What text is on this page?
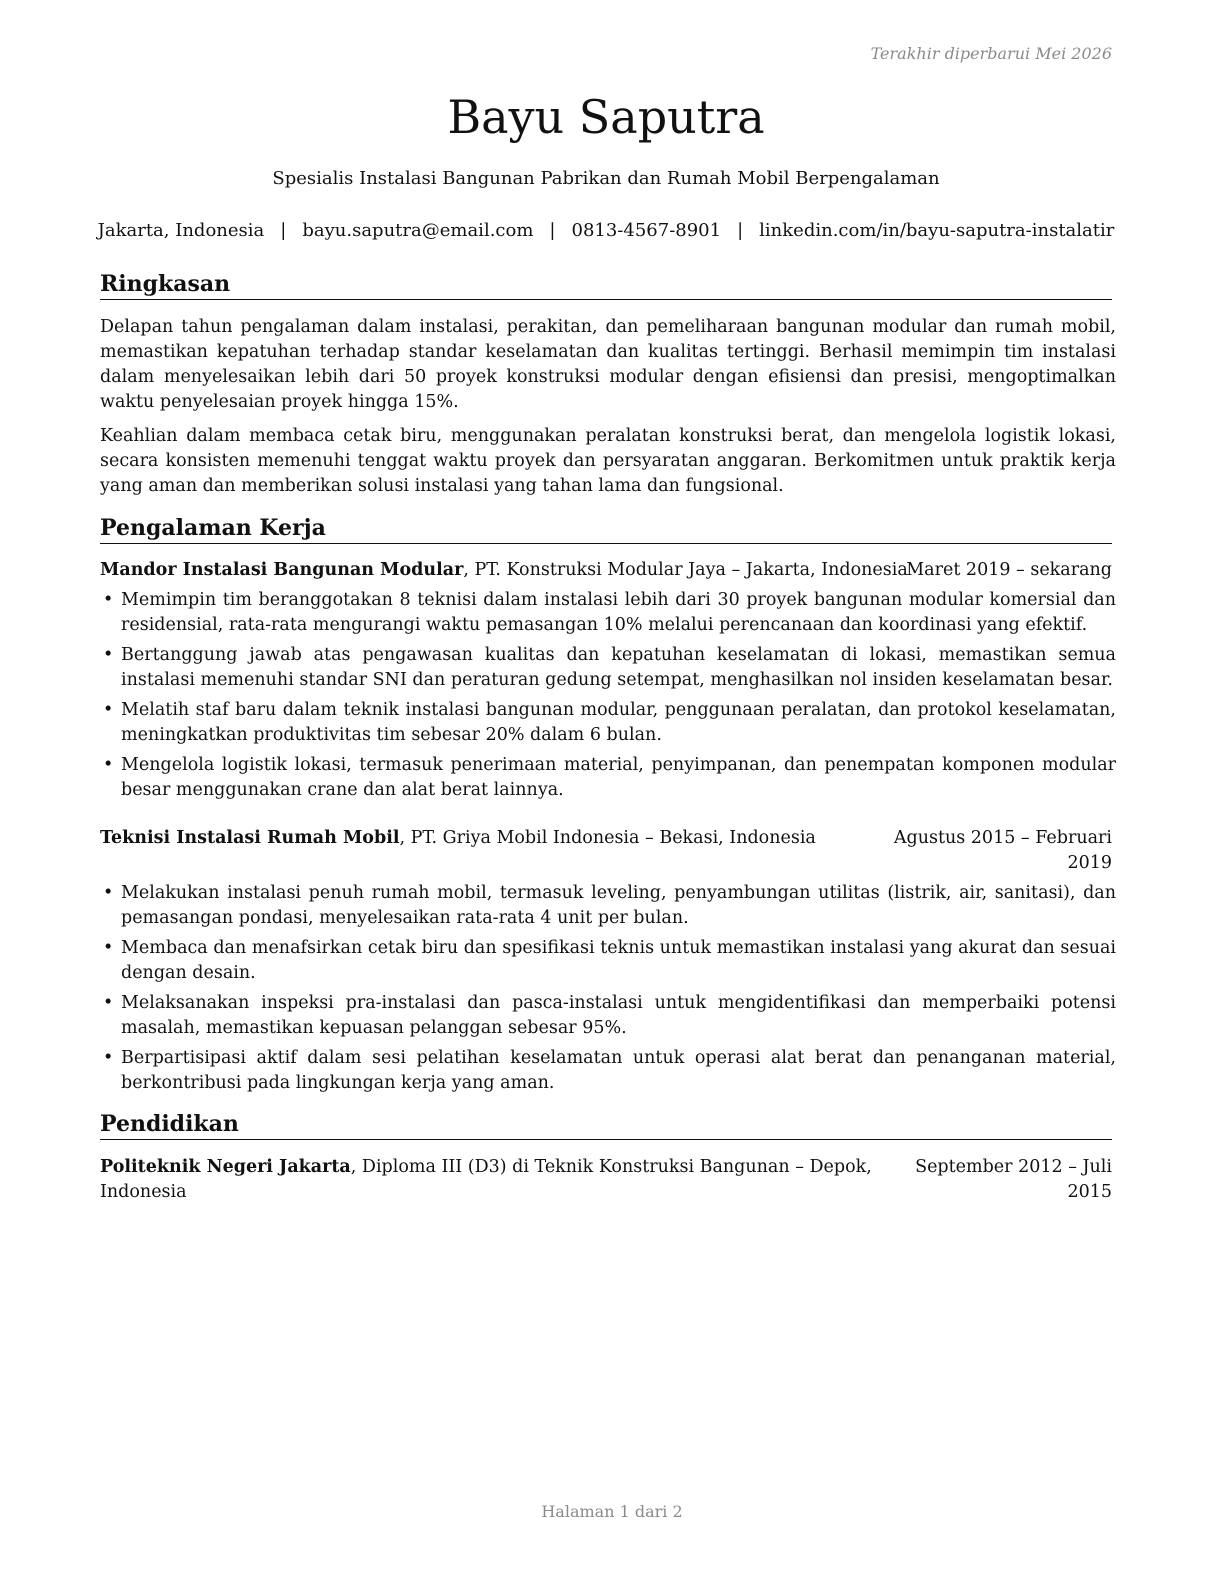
Terakhir diperbarui Mei 2026
Bayu Saputra
Spesialis Instalasi Bangunan Pabrikan dan Rumah Mobil Berpengalaman
Jakarta, Indonesia | bayu.saputra@email.com | 0813-4567-8901 | linkedin.com/in/bayu-saputra-instalatir
Ringkasan
Delapan tahun pengalaman dalam instalasi, perakitan, dan pemeliharaan bangunan modular dan rumah mobil, memastikan kepatuhan terhadap standar keselamatan dan kualitas tertinggi. Berhasil memimpin tim instalasi dalam menyelesaikan lebih dari 50 proyek konstruksi modular dengan efisiensi dan presisi, mengoptimalkan waktu penyelesaian proyek hingga 15%.
Keahlian dalam membaca cetak biru, menggunakan peralatan konstruksi berat, dan mengelola logistik lokasi, secara konsisten memenuhi tenggat waktu proyek dan persyaratan anggaran. Berkomitmen untuk praktik kerja yang aman dan memberikan solusi instalasi yang tahan lama dan fungsional.
Pengalaman Kerja
Mandor Instalasi Bangunan Modular, PT. Konstruksi Modular Jaya – Jakarta, Indonesia
Maret 2019 – sekarang
• Memimpin tim beranggotakan 8 teknisi dalam instalasi lebih dari 30 proyek bangunan modular komersial dan residensial, rata-rata mengurangi waktu pemasangan 10% melalui perencanaan dan koordinasi yang efektif.
• Bertanggung jawab atas pengawasan kualitas dan kepatuhan keselamatan di lokasi, memastikan semua instalasi memenuhi standar SNI dan peraturan gedung setempat, menghasilkan nol insiden keselamatan besar.
• Melatih staf baru dalam teknik instalasi bangunan modular, penggunaan peralatan, dan protokol keselamatan, meningkatkan produktivitas tim sebesar 20% dalam 6 bulan.
• Mengelola logistik lokasi, termasuk penerimaan material, penyimpanan, dan penempatan komponen modular besar menggunakan crane dan alat berat lainnya.
Teknisi Instalasi Rumah Mobil, PT. Griya Mobil Indonesia – Bekasi, Indonesia	Agustus 2015 – Februari
2019
• Melakukan instalasi penuh rumah mobil, termasuk leveling, penyambungan utilitas (listrik, air, sanitasi), dan pemasangan pondasi, menyelesaikan rata-rata 4 unit per bulan.
• Membaca dan menafsirkan cetak biru dan spesifikasi teknis untuk memastikan instalasi yang akurat dan sesuai dengan desain.
• Melaksanakan inspeksi pra-instalasi dan pasca-instalasi untuk mengidentifikasi dan memperbaiki potensi masalah, memastikan kepuasan pelanggan sebesar 95%.
• Berpartisipasi aktif dalam sesi pelatihan keselamatan untuk operasi alat berat dan penanganan material, berkontribusi pada lingkungan kerja yang aman.
Pendidikan
Politeknik Negeri Jakarta, Diploma III (D3) di Teknik Konstruksi Bangunan – Depok,
Indonesia
September 2012 – Juli
2015
Halaman 1 dari 2
